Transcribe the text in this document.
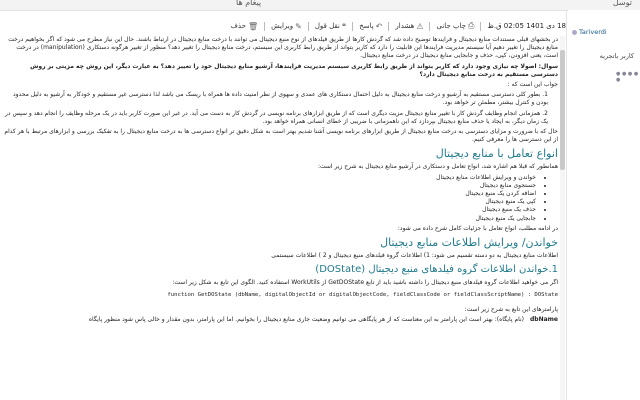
پیغام ها	توسل
18 دی 1401 02:05 ق.ظ
⎙
چاپ جانی
⚠
هشدار
↶
پاسخ
❝
نقل قول
✎
ویرایش
🗑
حذف

در بخشهای قبلی مستندات منابع دیجیتال و فرایندها توضیح داده شد که گردش کارها از طریق فیلدهای از نوع منبع دیجیتال می توانند با درخت منابع دیجیتال در ارتباط باشند. حال این نیاز مطرح می شود که اگر بخواهیم درخت منابع دیجیتال را تغییر دهیم آیا سیستم مدیریت فرایندها این قابلیت را دارد که کاربر بتواند از طریق رابط کاربری این سیستم، درخت منابع دیجیتال را تغییر دهد؟ منظور از تغییر هرگونه دستکاری (manipulation) در درخت است، یعنی افزودن، کپی، حذف و جابجایی منابع دیجیتال در درخت منابع دیجیتال.

سوال: اصولا چه نیازی وجود دارد که کاربر بتواند از طریق رابط کاربری سیستم مدیریت فرایندها، آرشیو منابع دیجیتال خود را تغییر دهد؟ به عبارت دیگر، این روش چه مزیتی بر روش دسترسی مستقیم به درخت منابع دیجیتال دارد؟

جواب این است که :

1. بطور کلی دسترسی مستقیم به آرشیو و درخت منابع دیجیتال به دلیل احتمال دستکاری های عمدی و سهوی از نظر امنیت داده ها همراه با ریسک می باشد لذا دسترسی غیر مستقیم و خودکار به آرشیو به دلیل محدود بودن و کنترل بیشتر، مطمئن تر خواهد بود.

2. همزمانی انجام وظایف گردش کار با تغییر منابع دیجیتال مزیت دیگری است که از طریق ابزارهای برنامه نویسی در گردش کار به دست می آید. در غیر این صورت کاربر باید در یک مرحله وظایف را انجام دهد و سپس در یک زمان دیگر، به ایجاد یا حذف منابع دیجیتال بپردازد که این ناهمزمانی با ضریبی از خطای انسانی همراه خواهد بود.

حال که با ضرورت و مزایای دسترسی به درخت منابع دیجیتال از طریق ابزارهای برنامه نویسی آشنا شدیم بهتر است به شکل دقیق تر انواع دسترسی ها به درخت منابع دیجیتال را به تفکیک بررسی و ابزارهای مرتبط با هر کدام از این دسترسی ها را معرفی کنیم.

انواع تعامل با منابع دیجیتال

همانطور که قبلا هم اشاره شد، انواع تعامل و دستکاری در آرشیو منابع دیجیتال به شرح زیر است:

• خواندن و ویرایش اطلاعات منابع دیجیتال
• جستجوی منابع دیجیتال
• اضافه کردن یک منبع دیجیتال
• کپی یک منبع دیجیتال
• حذف یک منبع دیجیتال
• جابجایی یک منبع دیجیتال

در ادامه مطلب، انواع تعامل با جزئیات کامل شرح داده می شود:

خواندن/ ویرایش اطلاعات منابع دیجیتال

اطلاعات منابع دیجیتال به دو دسته تقسیم می شود: 1) اطلاعات گروه فیلدهای منبع دیجیتال و 2 ) اطلاعات سیستمی

1.خواندن اطلاعات گروه فیلدهای منبع دیجیتال (DOState)

اگر می خواهید اطلاعات گروه فیلدهای منبع دیجیتال را داشته باشید باید از تابع GetDOState از WorkUtils استفاده کنید. الگوی این تابع به شکل زیر است:

function GetDOState (dbName, digitalObjectId or digitalObjectCode, fieldClassCode or fieldClassScriptName) : DOState

پارامترهای این تابع به شرح زیر است:

dbName
(نام پایگاه): بهتر است این پارامتر به این معناست که از هر پایگاهی می توانیم وضعیت جاری منابع دیجیتال را بخوانیم. اما این پارامتر، بدون مقدار و خالی پاس شود منظور پایگاه
Tariverdi
کاربر باتجربه
● ● ● ● ●
